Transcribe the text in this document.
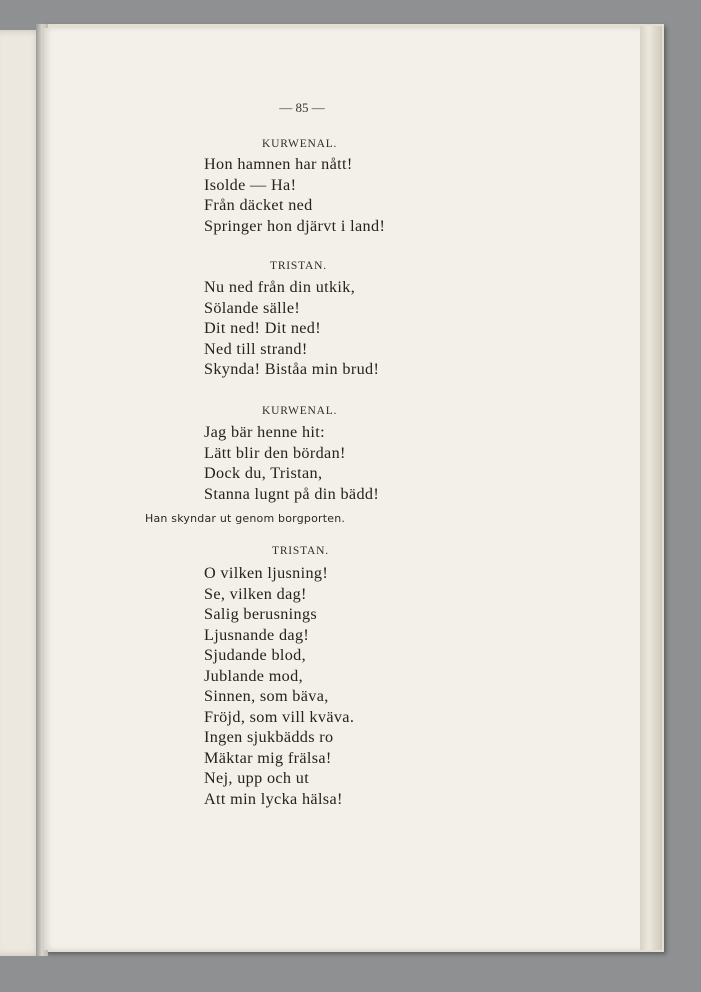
— 85 —
KURWENAL.
Hon hamnen har nått!
Isolde — Ha!
Från däcket ned
Springer hon djärvt i land!
TRISTAN.
Nu ned från din utkik,
Sölande sälle!
Dit ned! Dit ned!
Ned till strand!
Skynda! Biståa min brud!
KURWENAL.
Jag bär henne hit:
Lätt blir den bördan!
Dock du, Tristan,
Stanna lugnt på din bädd!
Han skyndar ut genom borgporten.
TRISTAN.
O vilken ljusning!
Se, vilken dag!
Salig berusnings
Ljusnande dag!
Sjudande blod,
Jublande mod,
Sinnen, som bäva,
Fröjd, som vill kväva.
Ingen sjukbädds ro
Mäktar mig frälsa!
Nej, upp och ut
Att min lycka hälsa!
